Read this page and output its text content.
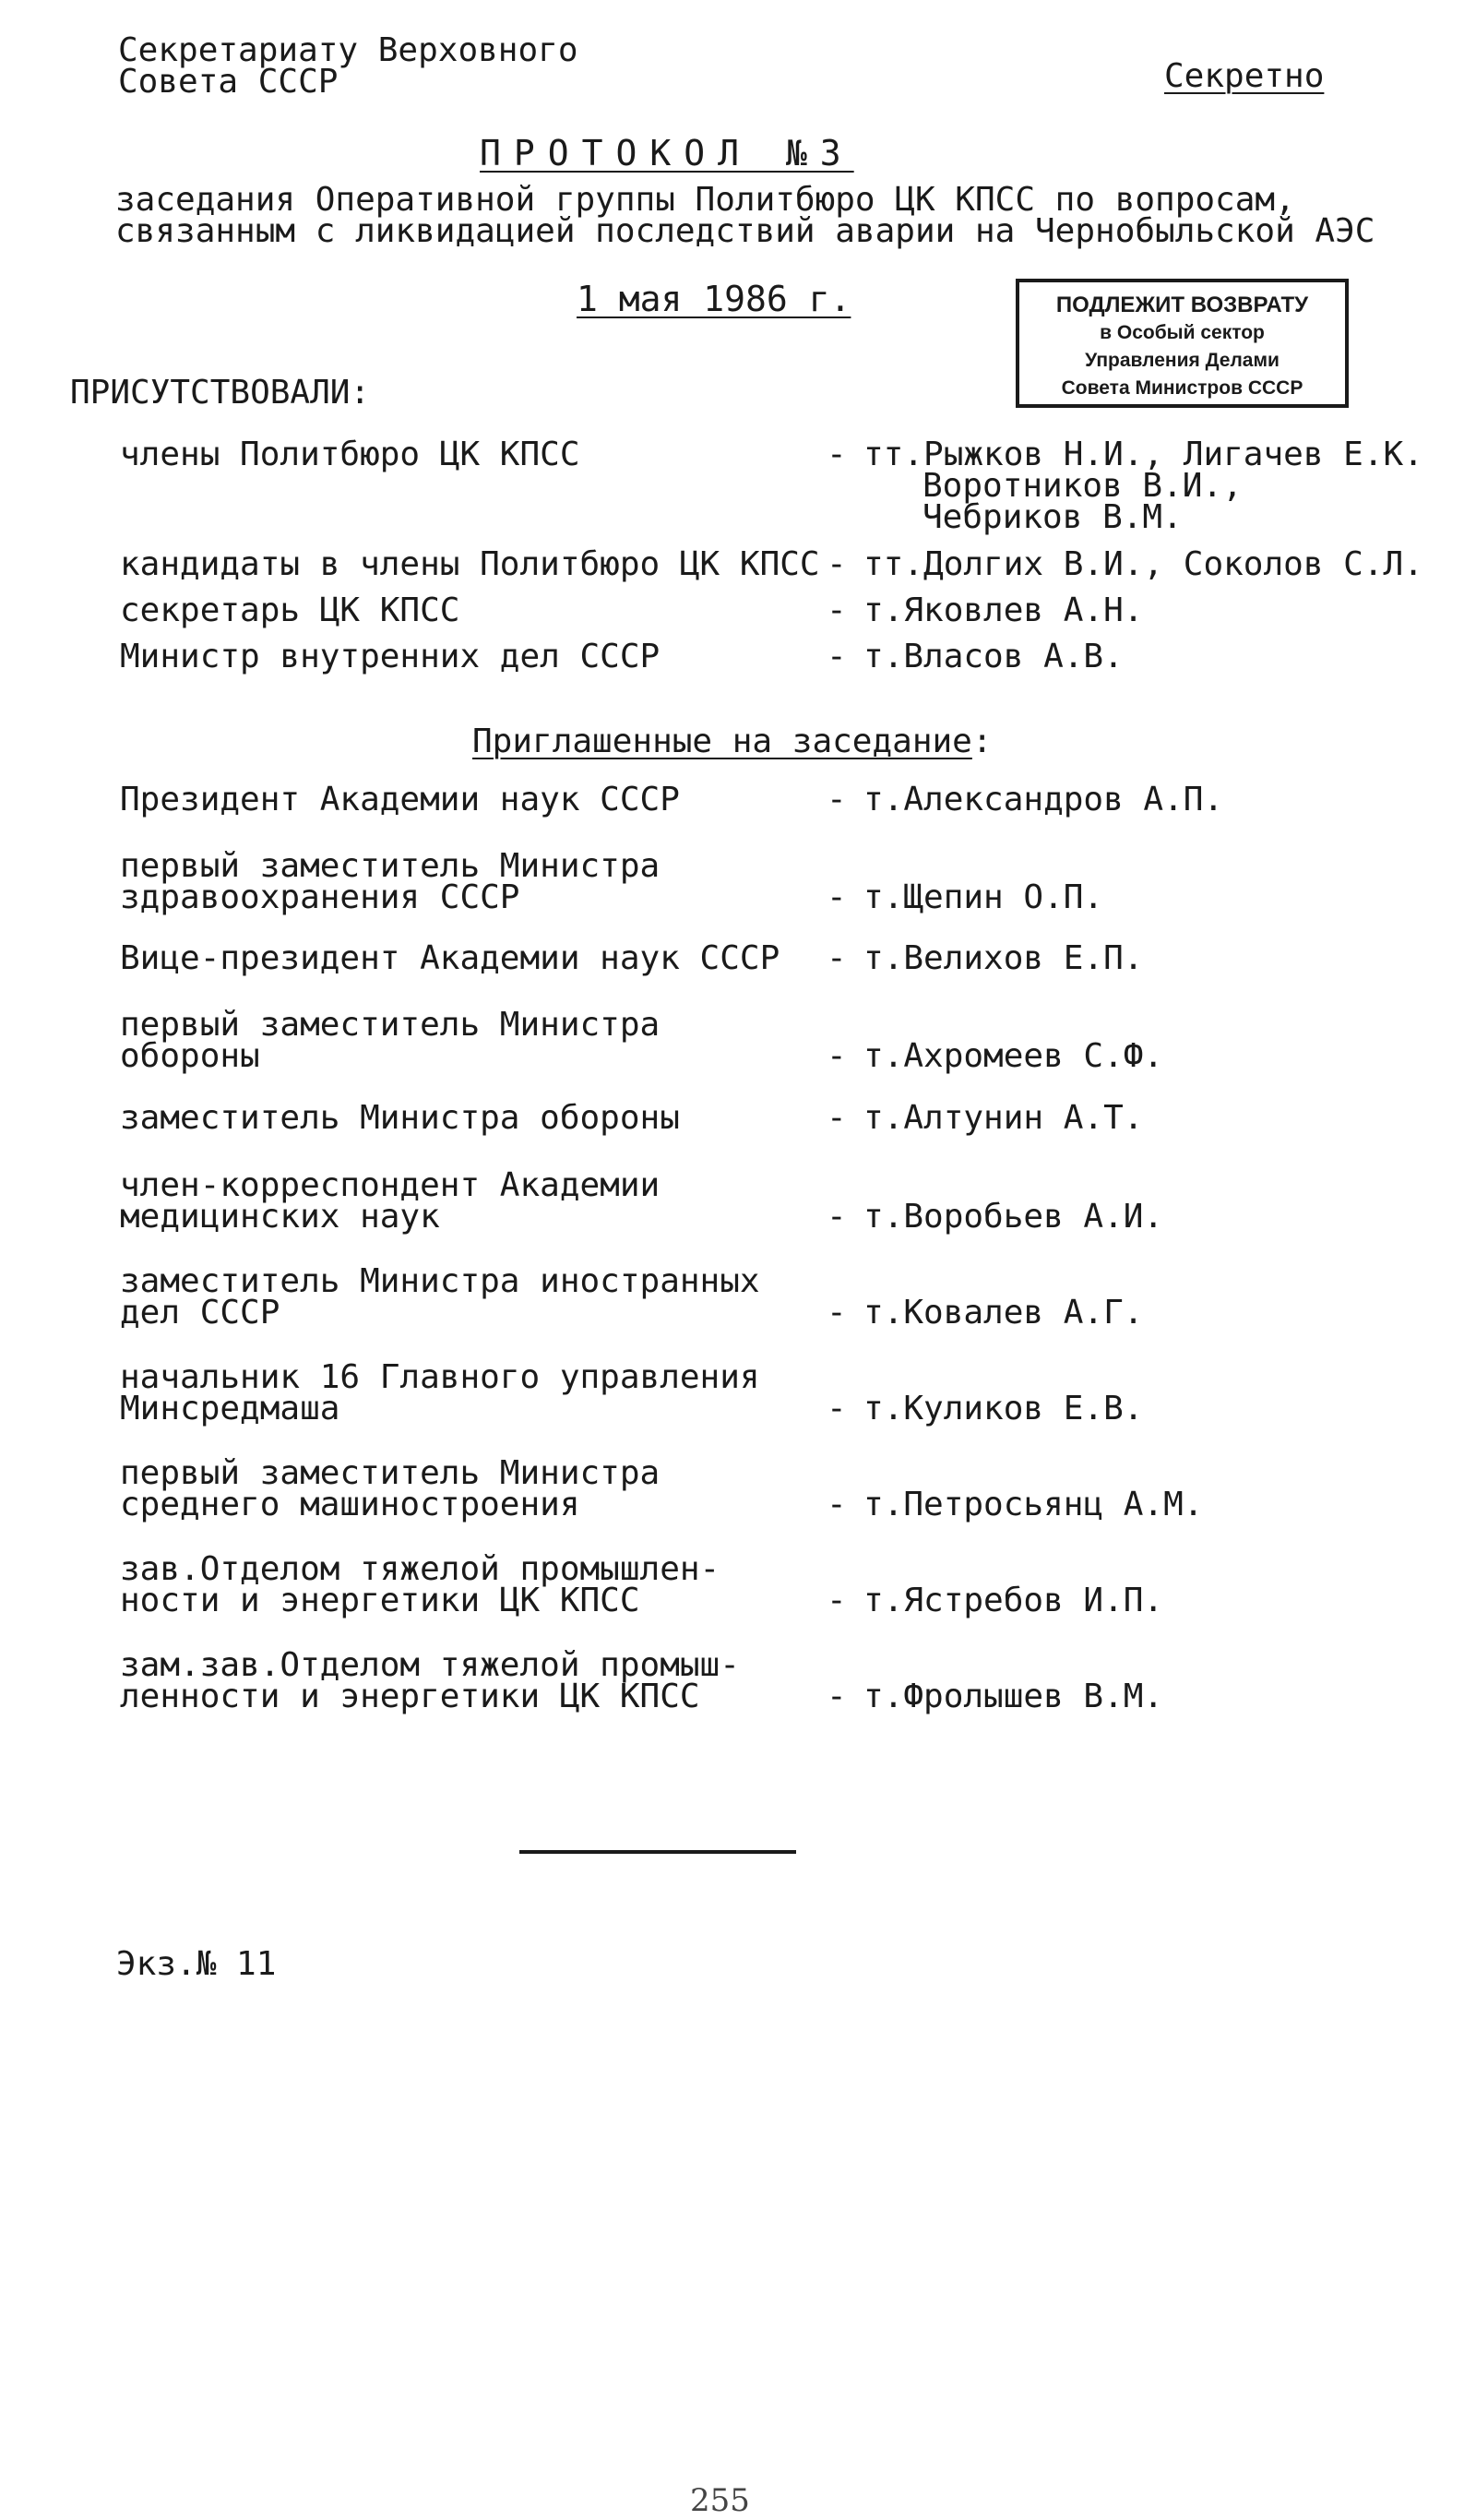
Секретариату Верховного
Совета СССР	Секретно
ПРОТОКОЛ №3
заседания Оперативной группы Политбюро ЦК КПСС по вопросам,
связанным с ликвидацией последствий аварии на Чернобыльской АЭС
1 мая 1986 г.	ПОДЛЕЖИТ ВОЗВРАТУ
в Особый сектор
Управления Делами
Совета Министров СССР
ПРИСУТСТВОВАЛИ:
члены Политбюро ЦК КПСС	- тт.Рыжков Н.И., Лигачев Е.К.
Воротников В.И.,
Чебриков В.М.
кандидаты в члены Политбюро ЦК КПСС - тт.Долгих В.И., Соколов С.Л.
секретарь ЦК КПСС	- т.Яковлев А.Н.
Министр внутренних дел СССР	- т.Власов А.В.
Приглашенные на заседание:
Президент Академии наук СССР	- т.Александров А.П.
первый заместитель Министра
здравоохранения СССР	- т.Щепин О.П.
Вице-президент Академии наук СССР - т.Велихов Е.П.
первый заместитель Министра
обороны	- т.Ахромеев С.Ф.
заместитель Министра обороны	- т.Алтунин А.Т.
член-корреспондент Академии
медицинских наук	- т.Воробьев А.И.
заместитель Министра иностранных
дел СССР	- т.Ковалев А.Г.
начальник 16 Главного управления
Минсредмаша	- т.Куликов Е.В.
первый заместитель Министра
среднего машиностроения	- т.Петросьянц А.М.
зав.Отделом тяжелой промышлен-
ности и энергетики ЦК КПСС	- т.Ястребов И.П.
зам.зав.Отделом тяжелой промыш-
ленности и энергетики ЦК КПСС	- т.Фролышев В.М.
Экз.№ 11
255
